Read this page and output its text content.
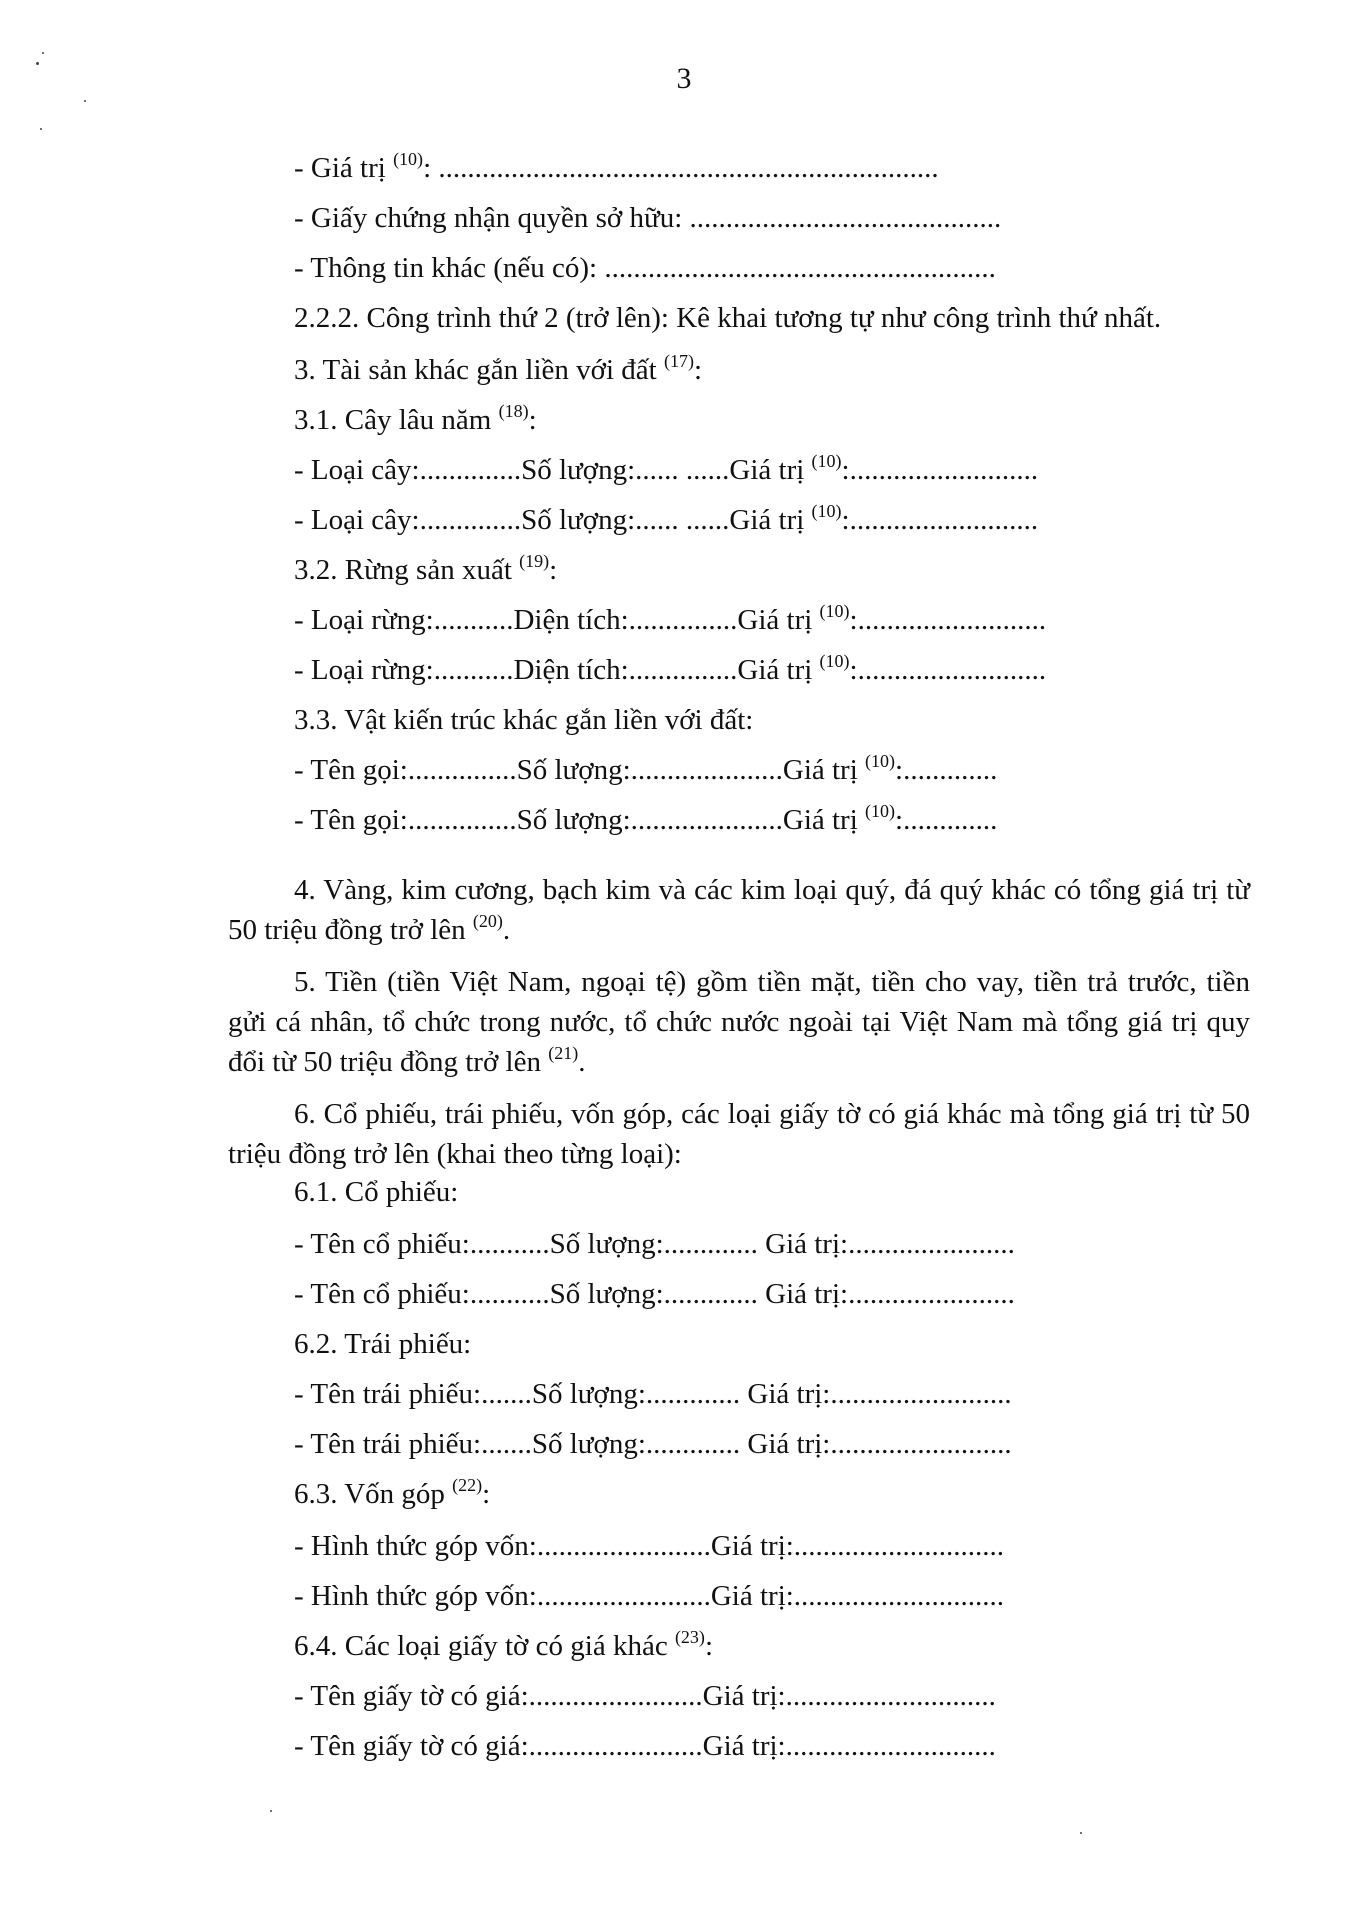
3
- Giá trị $^{(10)}$: .....................................................................
- Giấy chứng nhận quyền sở hữu: ...........................................
- Thông tin khác (nếu có): ......................................................
2.2.2. Công trình thứ 2 (trở lên): Kê khai tương tự như công trình thứ nhất.
3. Tài sản khác gắn liền với đất $^{(17)}$:
3.1. Cây lâu năm $^{(18)}$:
- Loại cây:..............Số lượng:...... ......Giá trị $^{(10)}$:..........................
- Loại cây:..............Số lượng:...... ......Giá trị $^{(10)}$:..........................
3.2. Rừng sản xuất $^{(19)}$:
- Loại rừng:...........Diện tích:...............Giá trị $^{(10)}$:..........................
- Loại rừng:...........Diện tích:...............Giá trị $^{(10)}$:..........................
3.3. Vật kiến trúc khác gắn liền với đất:
- Tên gọi:...............Số lượng:.....................Giá trị $^{(10)}$:.............
- Tên gọi:...............Số lượng:.....................Giá trị $^{(10)}$:.............
4. Vàng, kim cương, bạch kim và các kim loại quý, đá quý khác có tổng giá trị từ 50 triệu đồng trở lên $^{(20)}$.
5. Tiền (tiền Việt Nam, ngoại tệ) gồm tiền mặt, tiền cho vay, tiền trả trước, tiền gửi cá nhân, tổ chức trong nước, tổ chức nước ngoài tại Việt Nam mà tổng giá trị quy đổi từ 50 triệu đồng trở lên $^{(21)}$.
6. Cổ phiếu, trái phiếu, vốn góp, các loại giấy tờ có giá khác mà tổng giá trị từ 50 triệu đồng trở lên (khai theo từng loại):
6.1. Cổ phiếu:
- Tên cổ phiếu:...........Số lượng:............. Giá trị:.......................
- Tên cổ phiếu:...........Số lượng:............. Giá trị:.......................
6.2. Trái phiếu:
- Tên trái phiếu:.......Số lượng:............. Giá trị:.........................
- Tên trái phiếu:.......Số lượng:............. Giá trị:.........................
6.3. Vốn góp $^{(22)}$:
- Hình thức góp vốn:........................Giá trị:.............................
- Hình thức góp vốn:........................Giá trị:.............................
6.4. Các loại giấy tờ có giá khác $^{(23)}$:
- Tên giấy tờ có giá:........................Giá trị:.............................
- Tên giấy tờ có giá:........................Giá trị:.............................
